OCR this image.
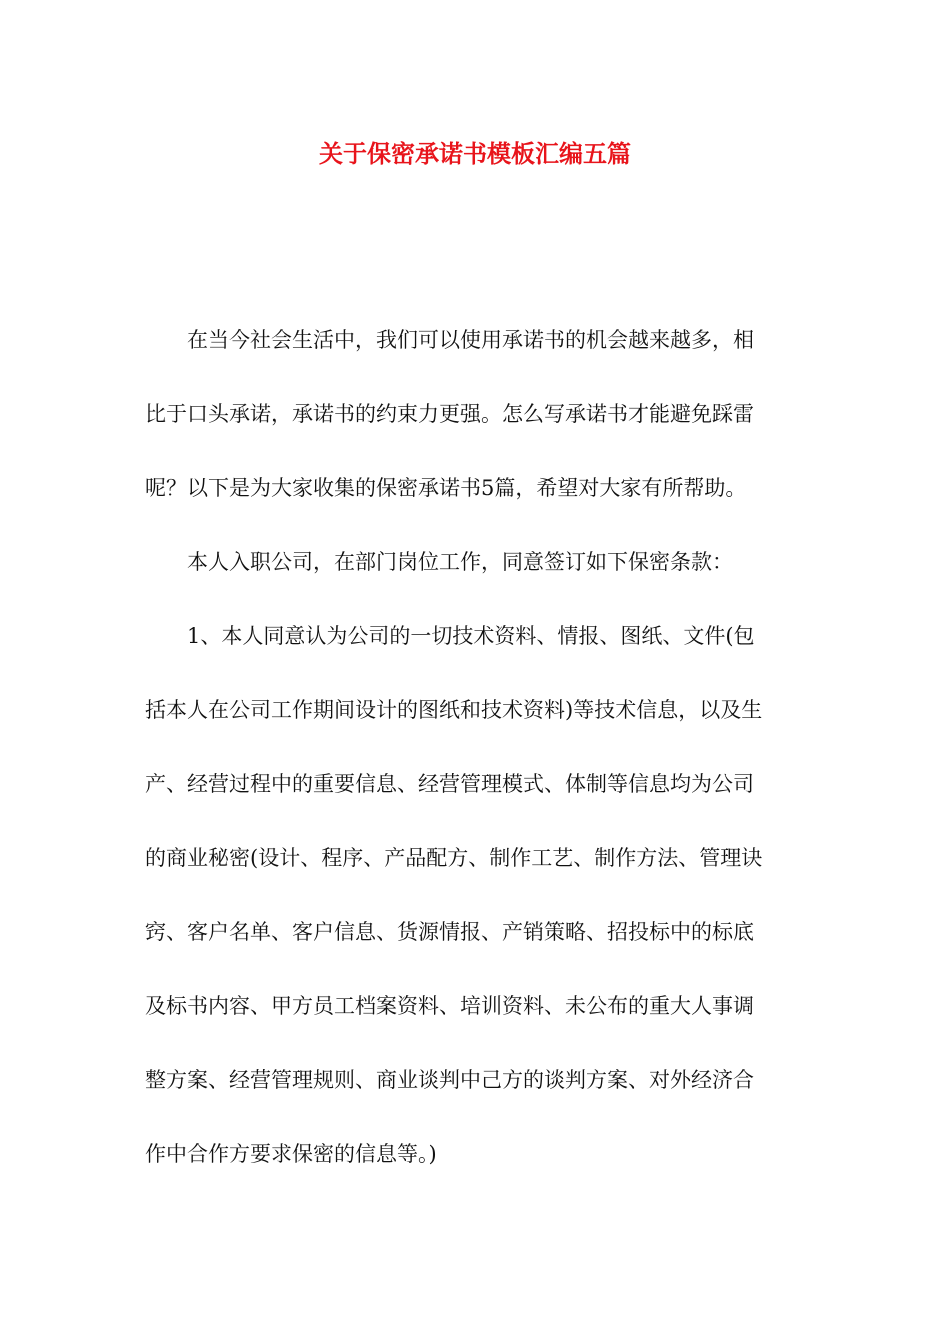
关于保密承诺书模板汇编五篇

在当今社会生活中，我们可以使用承诺书的机会越来越多，相
比于口头承诺，承诺书的约束力更强。怎么写承诺书才能避免踩雷
呢？以下是为大家收集的保密承诺书5篇，希望对大家有所帮助。

本人入职公司，在部门岗位工作，同意签订如下保密条款：

1、本人同意认为公司的一切技术资料、情报、图纸、文件(包
括本人在公司工作期间设计的图纸和技术资料)等技术信息，以及生
产、经营过程中的重要信息、经营管理模式、体制等信息均为公司
的商业秘密(设计、程序、产品配方、制作工艺、制作方法、管理诀
窍、客户名单、客户信息、货源情报、产销策略、招投标中的标底
及标书内容、甲方员工档案资料、培训资料、未公布的重大人事调
整方案、经营管理规则、商业谈判中己方的谈判方案、对外经济合
作中合作方要求保密的信息等。)
